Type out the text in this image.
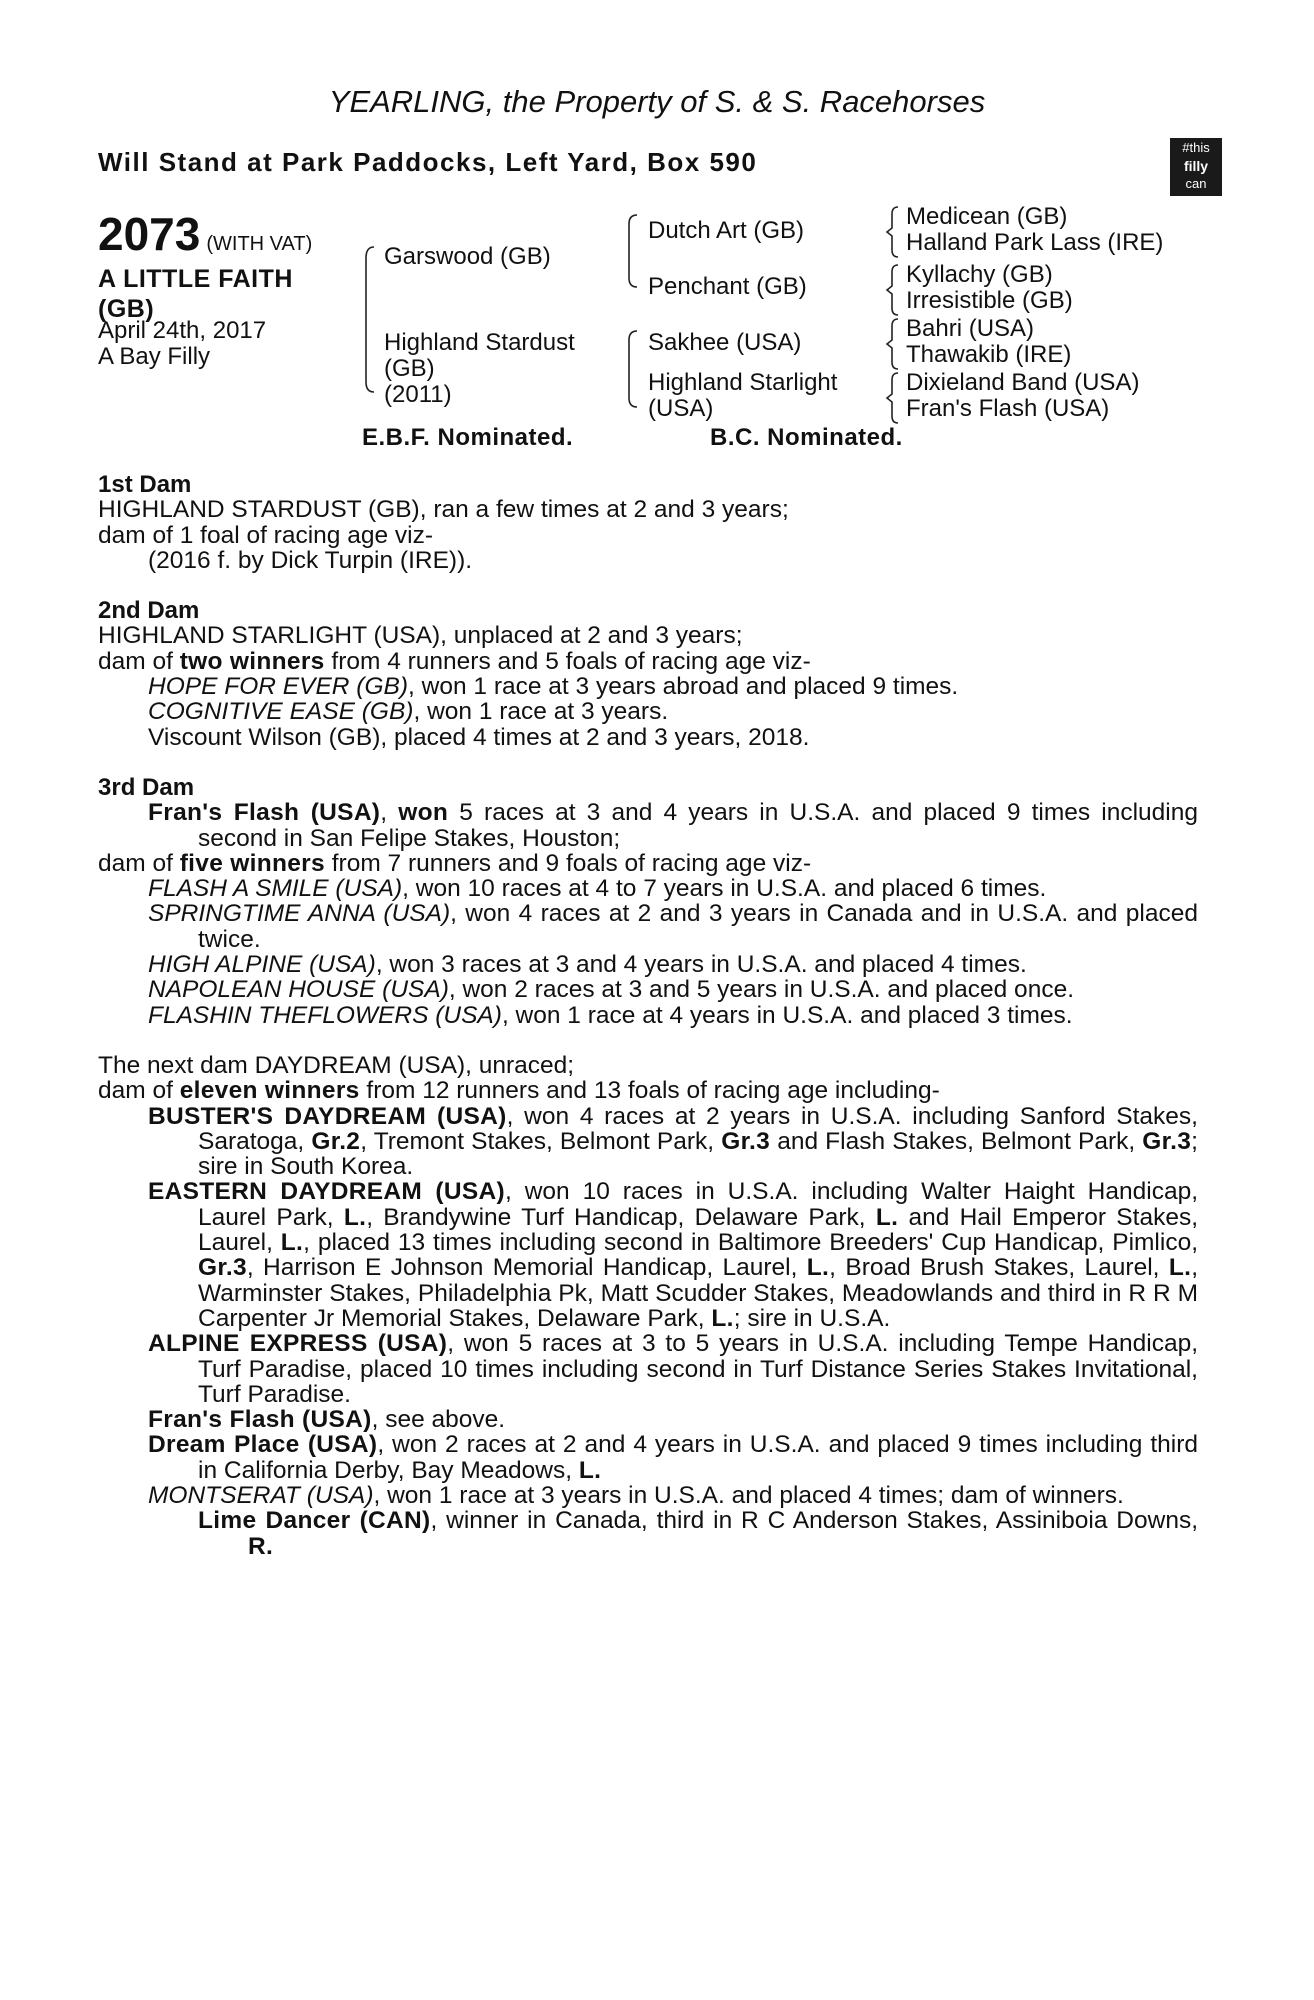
YEARLING, the Property of S. & S. Racehorses
Will Stand at Park Paddocks, Left Yard, Box 590	#this
filly
can
2073 (WITH VAT)
A LITTLE FAITH
(GB)
April 24th, 2017
A Bay Filly
Garswood (GB)
Highland Stardust
(GB)
(2011)
Dutch Art (GB)
Penchant (GB)
Sakhee (USA)
Highland Starlight
(USA)
Medicean (GB)
Halland Park Lass (IRE)
Kyllachy (GB)
Irresistible (GB)
Bahri (USA)
Thawakib (IRE)
Dixieland Band (USA)
Fran's Flash (USA)
E.B.F. Nominated.	B.C. Nominated.

1st Dam

HIGHLAND STARDUST (GB), ran a few times at 2 and 3 years;

dam of 1 foal of racing age viz-

(2016 f. by Dick Turpin (IRE)).

2nd Dam

HIGHLAND STARLIGHT (USA), unplaced at 2 and 3 years;

dam of two winners from 4 runners and 5 foals of racing age viz-

HOPE FOR EVER (GB), won 1 race at 3 years abroad and placed 9 times.

COGNITIVE EASE (GB), won 1 race at 3 years.

Viscount Wilson (GB), placed 4 times at 2 and 3 years, 2018.

3rd Dam

Fran's Flash (USA), won 5 races at 3 and 4 years in U.S.A. and placed 9 times including second in San Felipe Stakes, Houston;

dam of five winners from 7 runners and 9 foals of racing age viz-

FLASH A SMILE (USA), won 10 races at 4 to 7 years in U.S.A. and placed 6 times.

SPRINGTIME ANNA (USA), won 4 races at 2 and 3 years in Canada and in U.S.A. and placed twice.

HIGH ALPINE (USA), won 3 races at 3 and 4 years in U.S.A. and placed 4 times.

NAPOLEAN HOUSE (USA), won 2 races at 3 and 5 years in U.S.A. and placed once.

FLASHIN THEFLOWERS (USA), won 1 race at 4 years in U.S.A. and placed 3 times.

The next dam DAYDREAM (USA), unraced;

dam of eleven winners from 12 runners and 13 foals of racing age including-

BUSTER'S DAYDREAM (USA), won 4 races at 2 years in U.S.A. including Sanford Stakes, Saratoga, Gr.2, Tremont Stakes, Belmont Park, Gr.3 and Flash Stakes, Belmont Park, Gr.3; sire in South Korea.

EASTERN DAYDREAM (USA), won 10 races in U.S.A. including Walter Haight Handicap, Laurel Park, L., Brandywine Turf Handicap, Delaware Park, L. and Hail Emperor Stakes, Laurel, L., placed 13 times including second in Baltimore Breeders' Cup Handicap, Pimlico, Gr.3, Harrison E Johnson Memorial Handicap, Laurel, L., Broad Brush Stakes, Laurel, L., Warminster Stakes, Philadelphia Pk, Matt Scudder Stakes, Meadowlands and third in R R M Carpenter Jr Memorial Stakes, Delaware Park, L.; sire in U.S.A.

ALPINE EXPRESS (USA), won 5 races at 3 to 5 years in U.S.A. including Tempe Handicap, Turf Paradise, placed 10 times including second in Turf Distance Series Stakes Invitational, Turf Paradise.

Fran's Flash (USA), see above.

Dream Place (USA), won 2 races at 2 and 4 years in U.S.A. and placed 9 times including third in California Derby, Bay Meadows, L.

MONTSERAT (USA), won 1 race at 3 years in U.S.A. and placed 4 times; dam of winners.

Lime Dancer (CAN), winner in Canada, third in R C Anderson Stakes, Assiniboia Downs, R.
